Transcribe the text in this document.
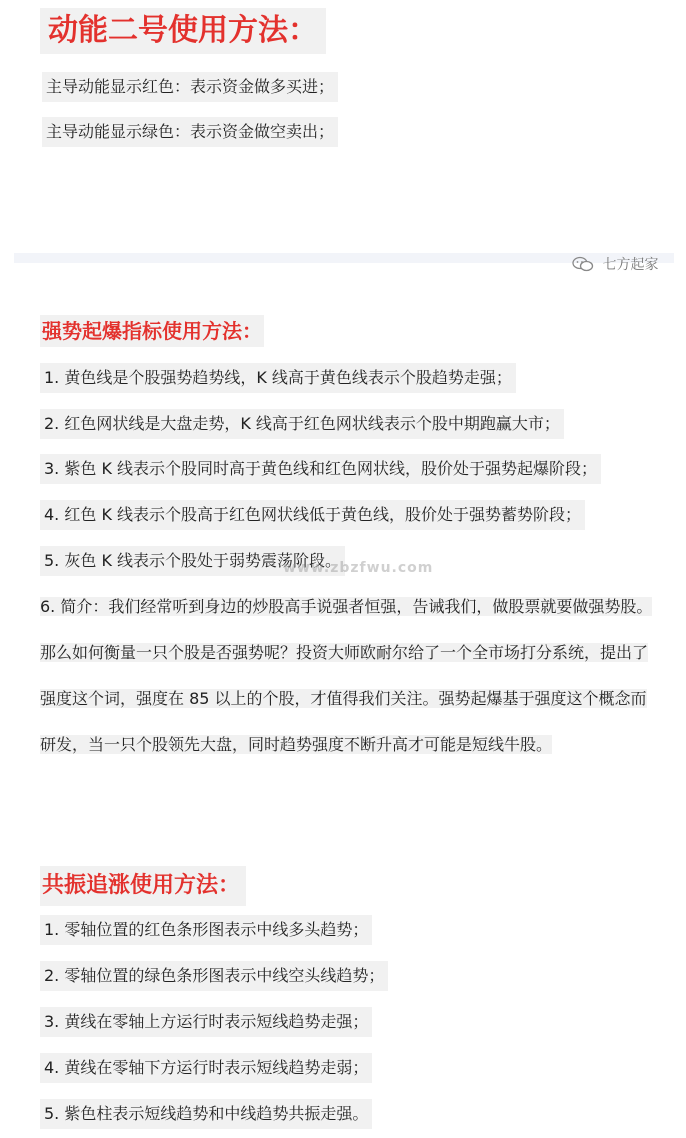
动能二号使用方法：
主导动能显示红色：表示资金做多买进；
主导动能显示绿色：表示资金做空卖出；
七方起家
强势起爆指标使用方法：
1. 黄色线是个股强势趋势线，K 线高于黄色线表示个股趋势走强；
2. 红色网状线是大盘走势，K 线高于红色网状线表示个股中期跑赢大市；
3. 紫色 K 线表示个股同时高于黄色线和红色网状线，股价处于强势起爆阶段；
4. 红色 K 线表示个股高于红色网状线低于黄色线，股价处于强势蓄势阶段；
5. 灰色 K 线表示个股处于弱势震荡阶段。
6. 简介：我们经常听到身边的炒股高手说强者恒强，告诫我们，做股票就要做强势股。那么如何衡量一只个股是否强势呢？投资大师欧耐尔给了一个全市场打分系统，提出了强度这个词，强度在 85 以上的个股，才值得我们关注。强势起爆基于强度这个概念而研发，当一只个股领先大盘，同时趋势强度不断升高才可能是短线牛股。
www.zbzfwu.com
共振追涨使用方法：
1. 零轴位置的红色条形图表示中线多头趋势；
2. 零轴位置的绿色条形图表示中线空头线趋势；
3. 黄线在零轴上方运行时表示短线趋势走强；
4. 黄线在零轴下方运行时表示短线趋势走弱；
5. 紫色柱表示短线趋势和中线趋势共振走强。
